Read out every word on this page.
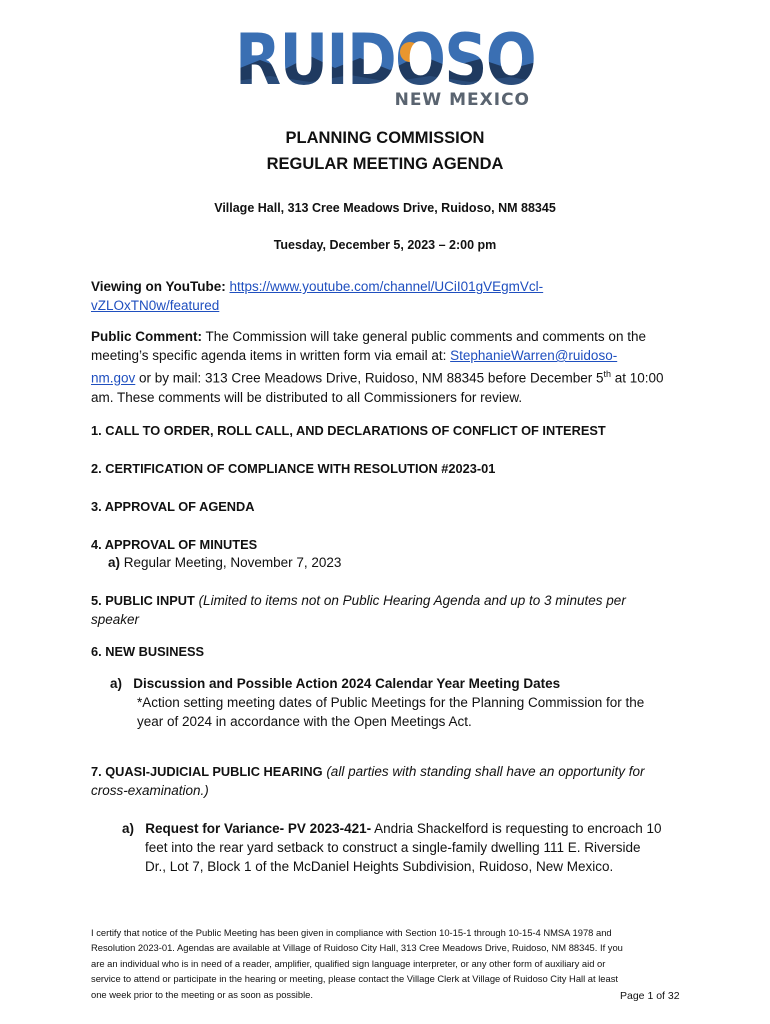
NEW MEXICO
PLANNING COMMISSION
REGULAR MEETING AGENDA
Village Hall, 313 Cree Meadows Drive, Ruidoso, NM 88345
Tuesday, December 5, 2023 – 2:00 pm
Viewing on YouTube: https://www.youtube.com/channel/UCiI01gVEgmVcl-
vZLOxTN0w/featured
Public Comment: The Commission will take general public comments and comments on the
meeting’s specific agenda items in written form via email at: StephanieWarren@ruidoso-
nm.gov or by mail: 313 Cree Meadows Drive, Ruidoso, NM 88345 before December 5th at 10:00
am. These comments will be distributed to all Commissioners for review.
1. CALL TO ORDER, ROLL CALL, AND DECLARATIONS OF CONFLICT OF INTEREST
2. CERTIFICATION OF COMPLIANCE WITH RESOLUTION #2023-01
3. APPROVAL OF AGENDA
4. APPROVAL OF MINUTES
a) Regular Meeting, November 7, 2023
5. PUBLIC INPUT (Limited to items not on Public Hearing Agenda and up to 3 minutes per
speaker
6. NEW BUSINESS
a) Discussion and Possible Action 2024 Calendar Year Meeting Dates
*Action setting meeting dates of Public Meetings for the Planning Commission for the
year of 2024 in accordance with the Open Meetings Act.
7. QUASI-JUDICIAL PUBLIC HEARING (all parties with standing shall have an opportunity for
cross-examination.)
a) Request for Variance- PV 2023-421- Andria Shackelford is requesting to encroach 10
feet into the rear yard setback to construct a single-family dwelling 111 E. Riverside
Dr., Lot 7, Block 1 of the McDaniel Heights Subdivision, Ruidoso, New Mexico.
I certify that notice of the Public Meeting has been given in compliance with Section 10-15-1 through 10-15-4 NMSA 1978 and
Resolution 2023-01. Agendas are available at Village of Ruidoso City Hall, 313 Cree Meadows Drive, Ruidoso, NM 88345. If you
are an individual who is in need of a reader, amplifier, qualified sign language interpreter, or any other form of auxiliary aid or
service to attend or participate in the hearing or meeting, please contact the Village Clerk at Village of Ruidoso City Hall at least
one week prior to the meeting or as soon as possible.	Page 1 of 32
